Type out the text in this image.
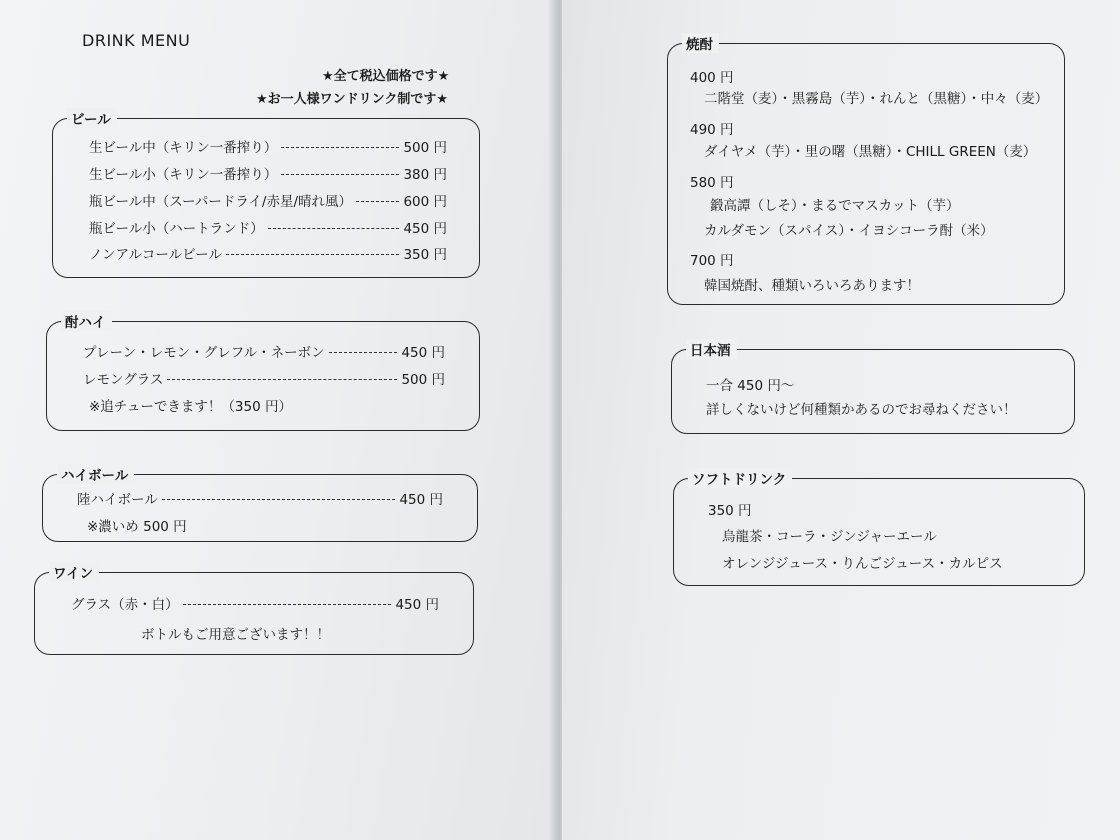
DRINK MENU
★全て税込価格です★
★お一人様ワンドリンク制です★
ビール
生ビール中（キリン一番搾り）	500 円
生ビール小（キリン一番搾り）	380 円
瓶ビール中（スーパードライ/赤星/晴れ風）	600 円
瓶ビール小（ハートランド）	450 円
ノンアルコールビール	350 円
酎ハイ
プレーン・レモン・グレフル・ネーボン	450 円
レモングラス	500 円
※追チューできます！（350 円）
ハイボール
陸ハイボール	450 円
※濃いめ 500 円
ワイン
グラス（赤・白）	450 円
ボトルもご用意ございます！！
焼酎
400 円
二階堂（麦）・黒霧島（芋）・れんと（黒糖）・中々（麦）
490 円
ダイヤメ（芋）・里の曙（黒糖）・CHILL GREEN（麦）
580 円
鍛高譚（しそ）・まるでマスカット（芋）
カルダモン（スパイス）・イヨシコーラ酎（米）
700 円
韓国焼酎、種類いろいろあります！
日本酒
一合 450 円～
詳しくないけど何種類かあるのでお尋ねください！
ソフトドリンク
350 円
烏龍茶・コーラ・ジンジャーエール
オレンジジュース・りんごジュース・カルピス
